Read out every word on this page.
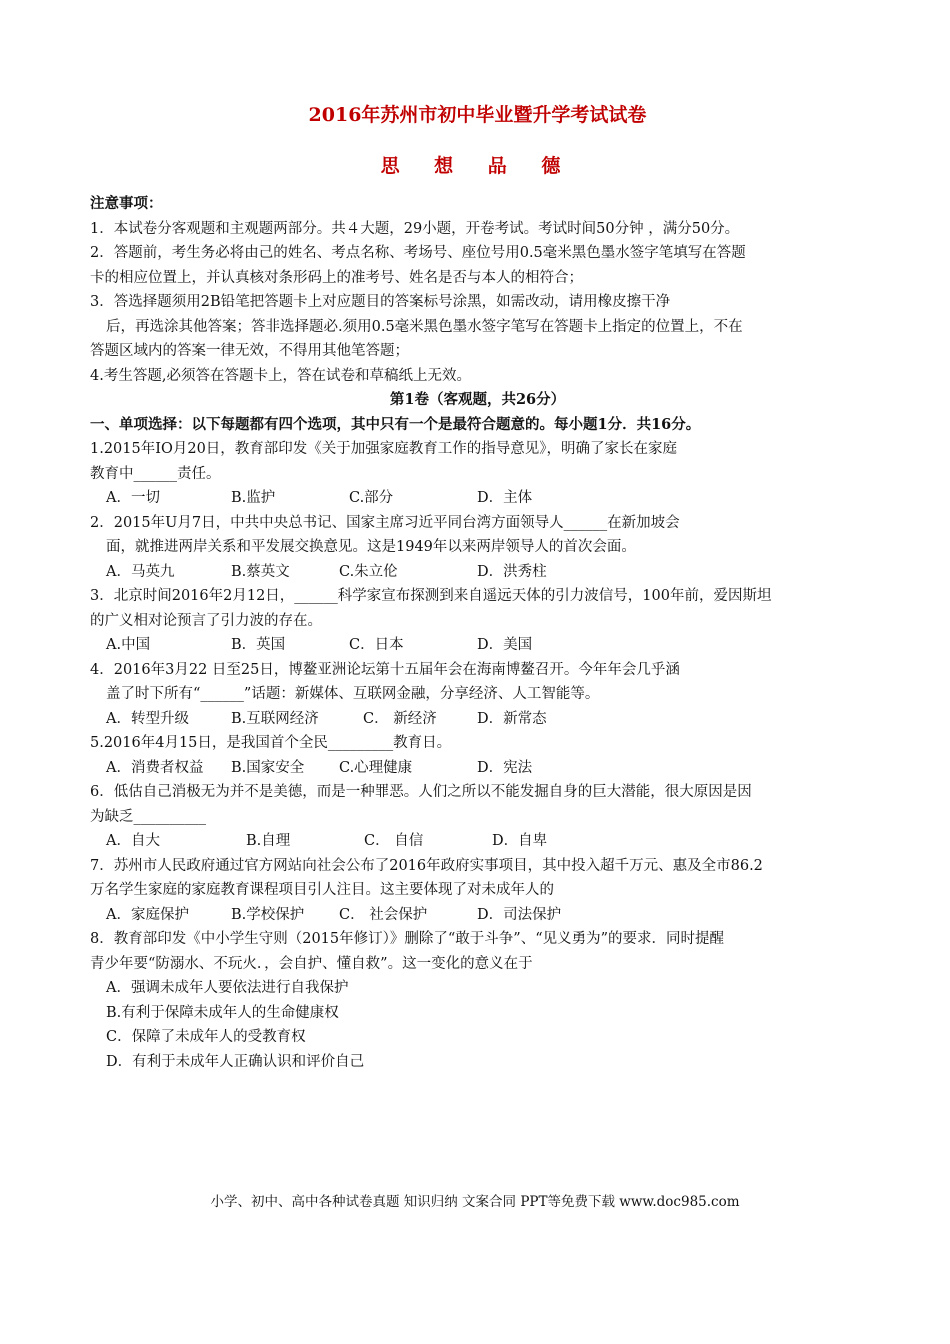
2016年苏州市初中毕业暨升学考试试卷

思 想 品 德

注意事项：

1．本试卷分客观题和主观题两部分。共４大题，29小题，开卷考试。考试时间50分钟 ，满分50分。

2．答题前，考生务必将由己的姓名、考点名称、考场号、座位号用0.5毫米黑色墨水签字笔填写在答题

卡的相应位置上，并认真核对条形码上的准考号、姓名是否与本人的相符合；

3．答选择题须用2B铅笔把答题卡上对应题目的答案标号涂黑，如需改动，请用橡皮擦干净

后，再选涂其他答案；答非选择题必.须用0.5毫米黑色墨水签字笔写在答题卡上指定的位置上，不在

答题区域内的答案一律无效，不得用其他笔答题；

4.考生答题,必须答在答题卡上，答在试卷和草稿纸上无效。

第1卷（客观题，共26分）

一、单项选择：以下每题都有四个选项，其中只有一个是最符合题意的。每小题1分．共16分。

1.2015年IO月20日，教育部印发《关于加强家庭教育工作的指导意见》，明确了家长在家庭

教育中______责任。

A．一切	B.监护	C.部分	D．主体

2．2015年U月7日，中共中央总书记、国家主席习近平同台湾方面领导人______在新加坡会

面，就推进两岸关系和平发展交换意见。这是1949年以来两岸领导人的首次会面。

A．马英九	B.蔡英文	C.朱立伦	D．洪秀柱

3．北京时间2016年2月12日，______科学家宣布探测到来自遥远天体的引力波信号，100年前，爱因斯坦

的广义相对论预言了引力波的存在。

A.中国	B．英国	C．日本	D．美国

4．2016年3月22 日至25日，博鳌亚洲论坛第十五届年会在海南博鳌召开。今年年会几乎涵

盖了时下所有“______”话题：新媒体、互联网金融，分享经济、人工智能等。

A．转型升级	B.互联网经济	C． 新经济	D．新常态

5.2016年4月15日，是我国首个全民_________教育日。

A．消费者权益	B.国家安全	C.心理健康	D．宪法

6．低估自己消极无为并不是美德，而是一种罪恶。人们之所以不能发掘自身的巨大潜能，很大原因是因

为缺乏__________

A．自大	B.自理	C． 自信	D．自卑

7．苏州市人民政府通过官方网站向社会公布了2016年政府实事项目，其中投入超千万元、惠及全市86.2

万名学生家庭的家庭教育课程项目引人注目。这主要体现了对未成年人的

A．家庭保护	B.学校保护	C． 社会保护	D．司法保护

8．教育部印发《中小学生守则（2015年修订）》删除了“敢于斗争”、“见义勇为”的要求．同时提醒

青少年要“防溺水、不玩火．，会自护、懂自救”。这一变化的意义在于

A．强调未成年人要依法进行自我保护

B.有利于保障未成年人的生命健康权

C．保障了未成年人的受教育权

D．有利于未成年人正确认识和评价自己

小学、初中、高中各种试卷真题 知识归纳 文案合同 PPT等免费下载 www.doc985.com
